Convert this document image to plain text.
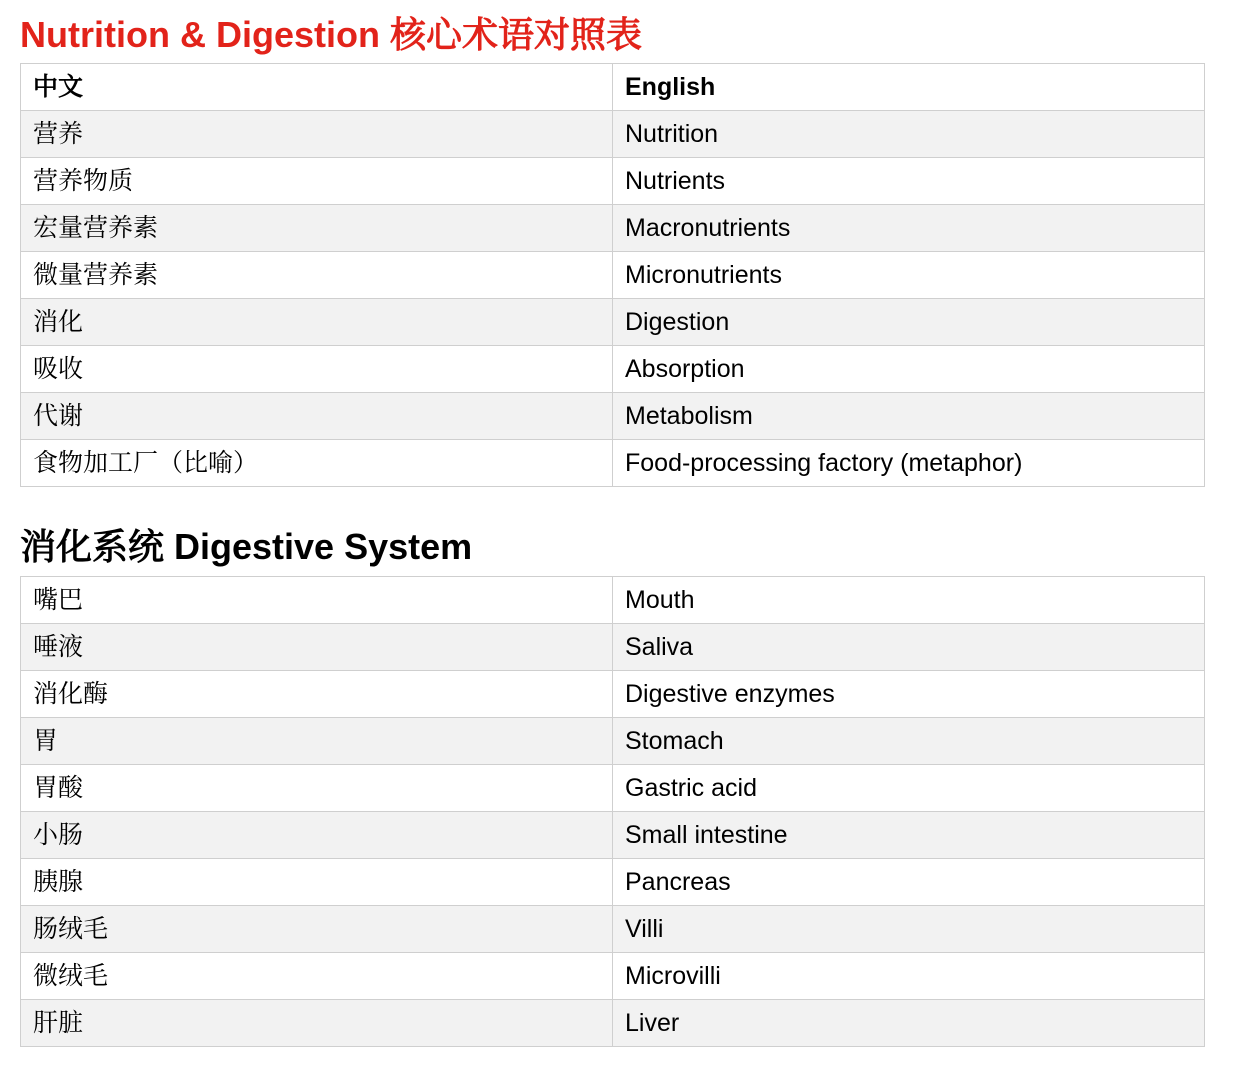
Nutrition & Digestion 核心术语对照表
中文	English
营养	Nutrition
营养物质	Nutrients
宏量营养素	Macronutrients
微量营养素	Micronutrients
消化	Digestion
吸收	Absorption
代谢	Metabolism
食物加工厂（比喻）	Food-processing factory (metaphor)
消化系统 Digestive System
嘴巴	Mouth
唾液	Saliva
消化酶	Digestive enzymes
胃	Stomach
胃酸	Gastric acid
小肠	Small intestine
胰腺	Pancreas
肠绒毛	Villi
微绒毛	Microvilli
肝脏	Liver
